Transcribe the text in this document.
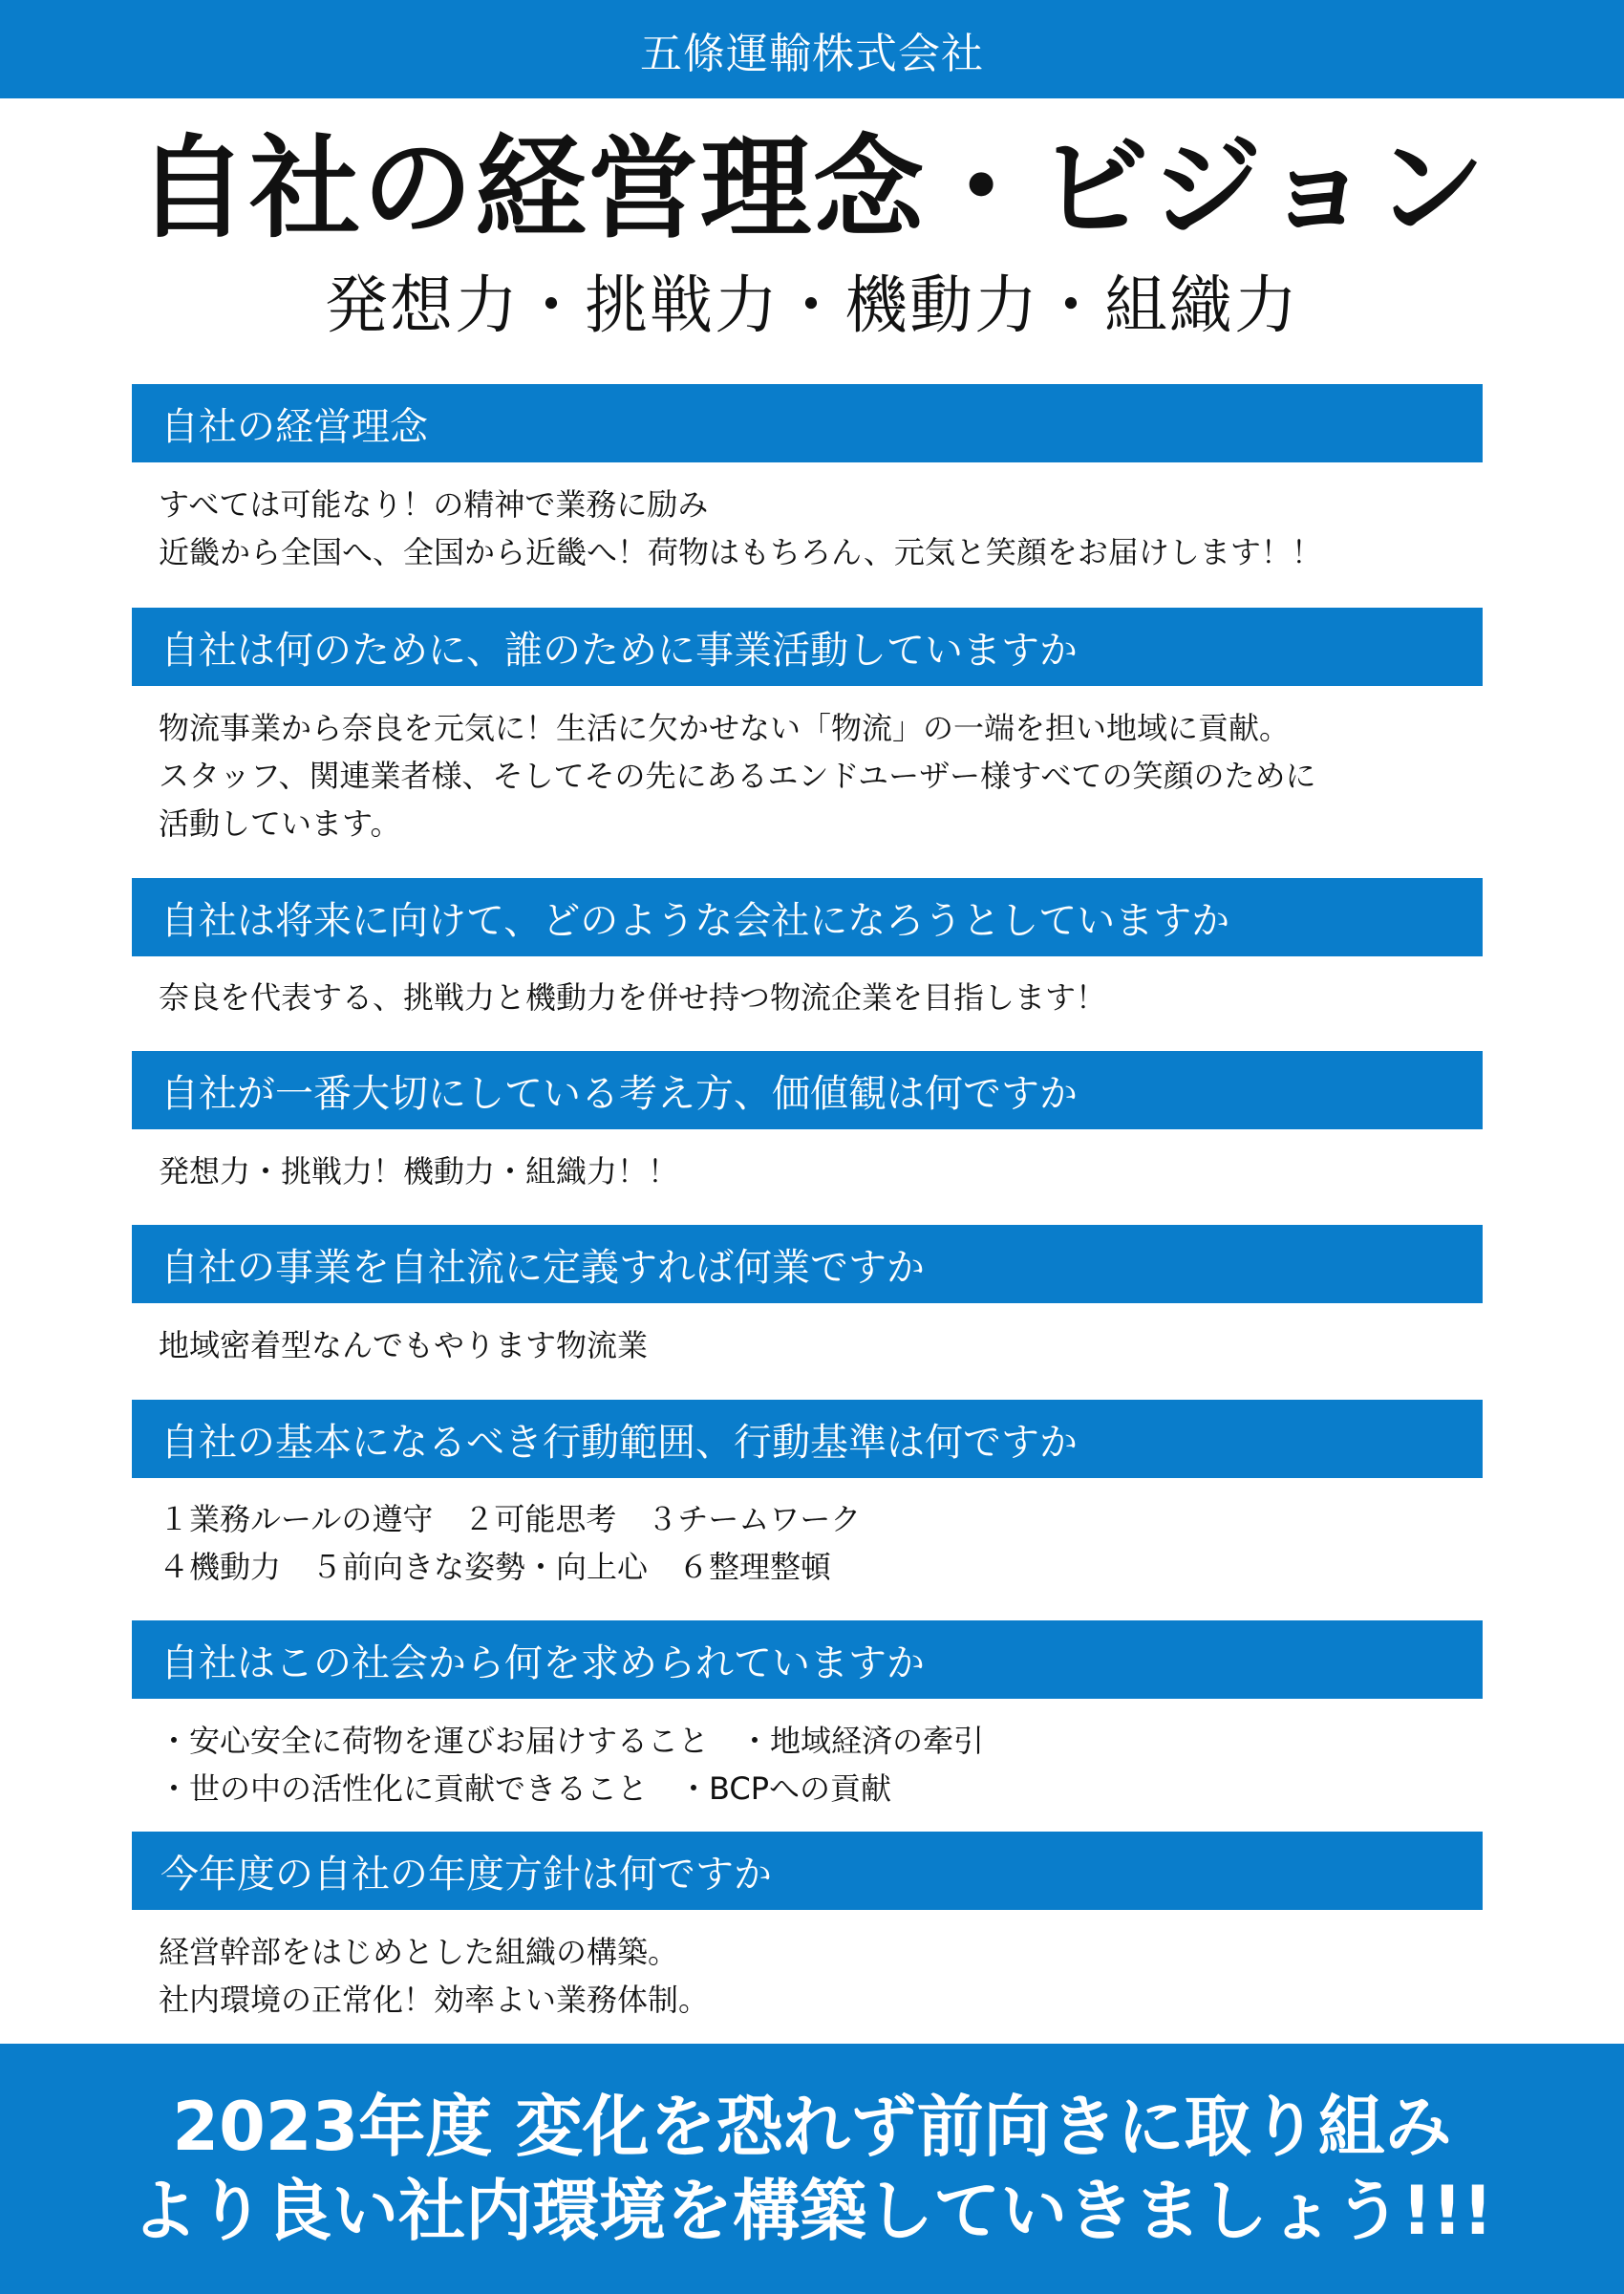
五條運輸株式会社
自社の経営理念・ビジョン
発想力・挑戦力・機動力・組織力
自社の経営理念
すべては可能なり！の精神で業務に励み
近畿から全国へ、全国から近畿へ！荷物はもちろん、元気と笑顔をお届けします！！
自社は何のために、誰のために事業活動していますか
物流事業から奈良を元気に！生活に欠かせない「物流」の一端を担い地域に貢献。
スタッフ、関連業者様、そしてその先にあるエンドユーザー様すべての笑顔のために
活動しています。
自社は将来に向けて、どのような会社になろうとしていますか
奈良を代表する、挑戦力と機動力を併せ持つ物流企業を目指します！
自社が一番大切にしている考え方、価値観は何ですか
発想力・挑戦力！機動力・組織力！！
自社の事業を自社流に定義すれば何業ですか
地域密着型なんでもやります物流業
自社の基本になるべき行動範囲、行動基準は何ですか
１業務ルールの遵守　２可能思考　３チームワーク
４機動力　５前向きな姿勢・向上心　６整理整頓
自社はこの社会から何を求められていますか
・安心安全に荷物を運びお届けすること　・地域経済の牽引
・世の中の活性化に貢献できること　・BCPへの貢献
今年度の自社の年度方針は何ですか
経営幹部をはじめとした組織の構築。
社内環境の正常化！効率よい業務体制。
2023年度 変化を恐れず前向きに取り組み
より良い社内環境を構築していきましょう!!!
